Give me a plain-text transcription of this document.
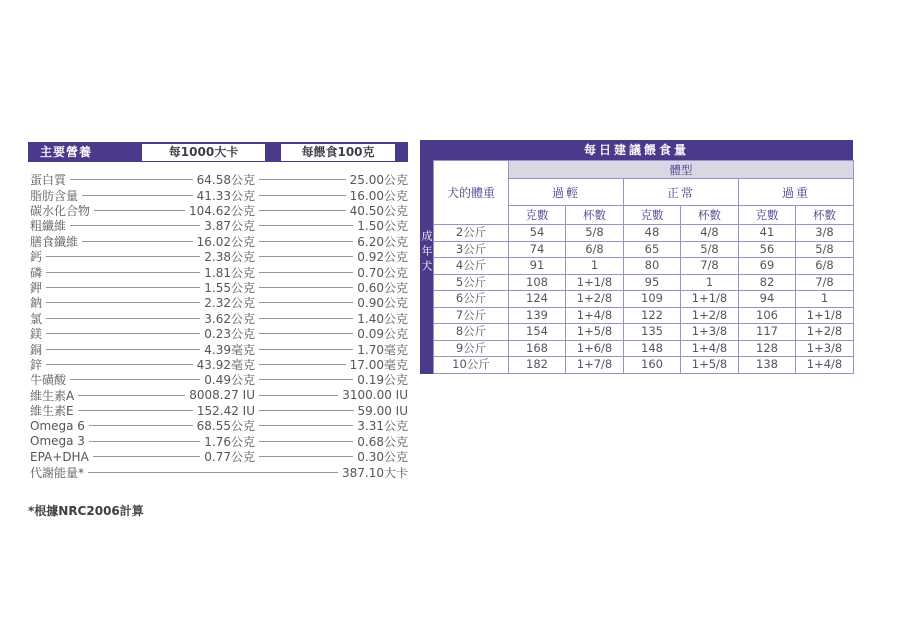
主要營養	每1000大卡	每餵食100克
蛋白質	64.58公克	25.00公克
脂肪含量	41.33公克	16.00公克
碳水化合物	104.62公克	40.50公克
粗纖維	3.87公克	1.50公克
膳食纖維	16.02公克	6.20公克
鈣	2.38公克	0.92公克
磷	1.81公克	0.70公克
鉀	1.55公克	0.60公克
鈉	2.32公克	0.90公克
氯	3.62公克	1.40公克
鎂	0.23公克	0.09公克
銅	4.39毫克	1.70毫克
鋅	43.92毫克	17.00毫克
牛磺酸	0.49公克	0.19公克
維生素A	8008.27 IU	3100.00 IU
維生素E	152.42 IU	59.00 IU
Omega 6	68.55公克	3.31公克
Omega 3	1.76公克	0.68公克
EPA+DHA	0.77公克	0.30公克
代謝能量*	387.10大卡
*根據NRC2006計算
每日建議餵食量
成年犬
犬的體重	體型					
	過輕		正常		過重	
	克數	杯數	克數	杯數	克數	杯數
2公斤	54	5/8	48	4/8	41	3/8
3公斤	74	6/8	65	5/8	56	5/8
4公斤	91	1	80	7/8	69	6/8
5公斤	108	1+1/8	95	1	82	7/8
6公斤	124	1+2/8	109	1+1/8	94	1
7公斤	139	1+4/8	122	1+2/8	106	1+1/8
8公斤	154	1+5/8	135	1+3/8	117	1+2/8
9公斤	168	1+6/8	148	1+4/8	128	1+3/8
10公斤	182	1+7/8	160	1+5/8	138	1+4/8
